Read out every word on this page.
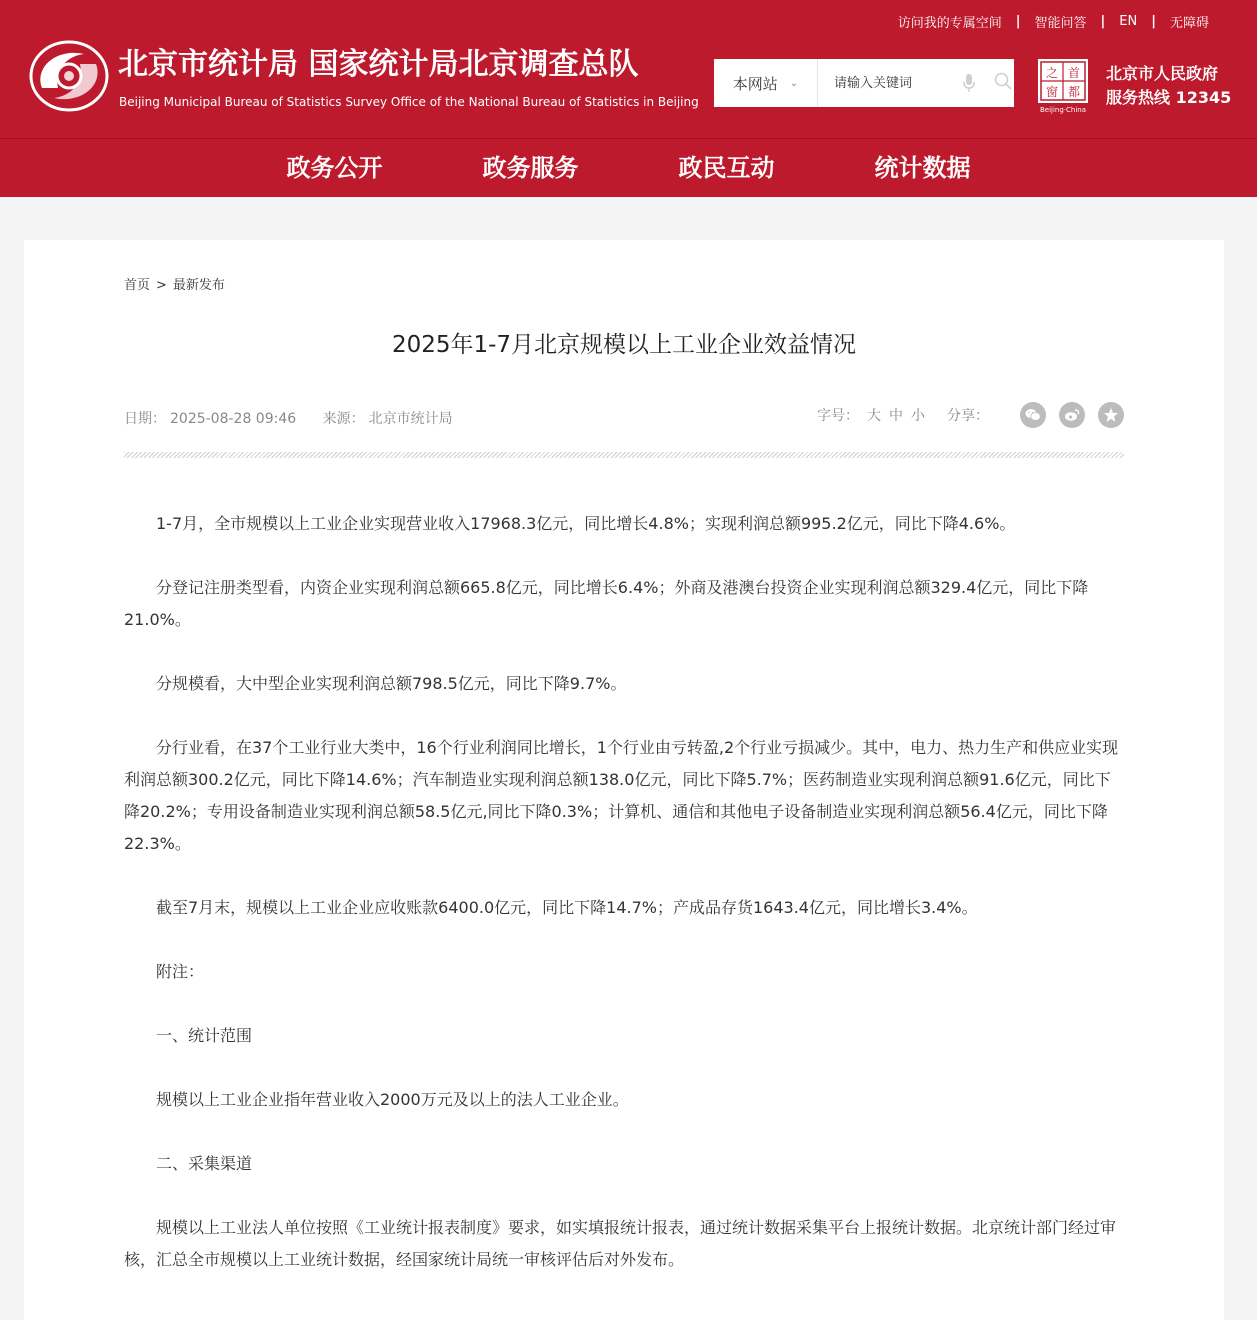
访问我的专属空间 | 智能问答 | EN | 无障碍
北京市统计局 国家统计局北京调查总队
Beijing Municipal Bureau of Statistics Survey Office of the National Bureau of Statistics in Beijing
本网站 ⌄
请输入关键词
之 首
窗 都
Beijing·China
北京市人民政府
服务热线 12345
政务公开	政务服务	政民互动	统计数据
首页 > 最新发布
2025年1-7月北京规模以上工业企业效益情况
日期： 2025-08-28 09:46 来源： 北京市统计局	字号： 大 中 小 分享：

1-7月，全市规模以上工业企业实现营业收入17968.3亿元，同比增长4.8%；实现利润总额995.2亿元，同比下降4.6%。

分登记注册类型看，内资企业实现利润总额665.8亿元，同比增长6.4%；外商及港澳台投资企业实现利润总额329.4亿元，同比下降21.0%。

分规模看，大中型企业实现利润总额798.5亿元，同比下降9.7%。

分行业看，在37个工业行业大类中，16个行业利润同比增长，1个行业由亏转盈,2个行业亏损减少。其中，电力、热力生产和供应业实现利润总额300.2亿元，同比下降14.6%；汽车制造业实现利润总额138.0亿元，同比下降5.7%；医药制造业实现利润总额91.6亿元，同比下降20.2%；专用设备制造业实现利润总额58.5亿元,同比下降0.3%；计算机、通信和其他电子设备制造业实现利润总额56.4亿元，同比下降22.3%。

截至7月末，规模以上工业企业应收账款6400.0亿元，同比下降14.7%；产成品存货1643.4亿元，同比增长3.4%。

附注：

一、统计范围

规模以上工业企业指年营业收入2000万元及以上的法人工业企业。

二、采集渠道

规模以上工业法人单位按照《工业统计报表制度》要求，如实填报统计报表，通过统计数据采集平台上报统计数据。北京统计部门经过审核，汇总全市规模以上工业统计数据，经国家统计局统一审核评估后对外发布。
